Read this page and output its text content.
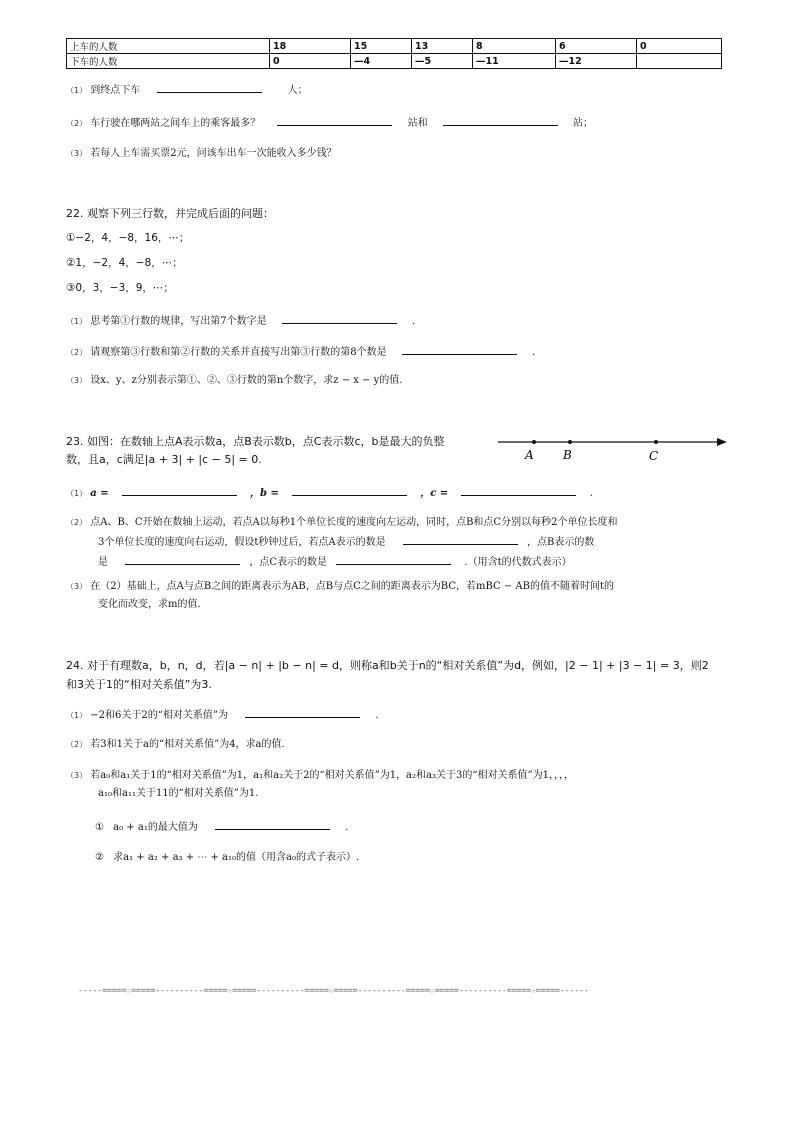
上车的人数	18	15	13	8	6	0
下车的人数	0	—4	—5	—11	—12	
（1） 到终点下车	人；
（2） 车行驶在哪两站之间车上的乘客最多？	站和	站；
（3） 若每人上车需买票2元，问该车出车一次能收入多少钱？
22. 观察下列三行数，并完成后面的问题：
①−2，4，−8，16，⋯；
②1，−2，4，−8，⋯；
③0，3，−3，9，⋯；
（1） 思考第①行数的规律，写出第7个数字是	.
（2） 请观察第③行数和第②行数的关系并直接写出第③行数的第8个数是	.
（3） 设x、y、z分别表示第①、②、③行数的第n个数字，求z − x − y的值.
23. 如图：在数轴上点A表示数a，点B表示数b，点C表示数c，b是最大的负整
数，且a，c满足|a + 3| + |c − 5| = 0.	A B	C
（1） a =	，b =	，c =	.
（2） 点A、B、C开始在数轴上运动，若点A以每秒1个单位长度的速度向左运动，同时，点B和点C分别以每秒2个单位长度和
3个单位长度的速度向右运动，假设t秒钟过后，若点A表示的数是	，点B表示的数
是	，点C表示的数是	.（用含t的代数式表示）
（3） 在（2）基础上，点A与点B之间的距离表示为AB，点B与点C之间的距离表示为BC，若mBC − AB的值不随着时间t的
变化而改变，求m的值.
24. 对于有理数a，b，n，d，若|a − n| + |b − n| = d，则称a和b关于n的“相对关系值”为d，例如，|2 − 1| + |3 − 1| = 3，则2
和3关于1的“相对关系值”为3.
（1） −2和6关于2的“相对关系值”为	.
（2） 若3和1关于a的“相对关系值”为4，求a的值.
（3） 若a₀和a₁关于1的“相对关系值”为1，a₁和a₂关于2的“相对关系值”为1，a₂和a₃关于3的“相对关系值”为1，，，，
a₁₀和a₁₁关于11的“相对关系值”为1.
① a₀ + a₁的最大值为	.
② 求a₁ + a₂ + a₃ + ⋯ + a₁₀的值（用含a₀的式子表示）.
-----=====☆=====----------=====☆=====----------=====☆=====----------=====☆=====----------=====☆=====------
